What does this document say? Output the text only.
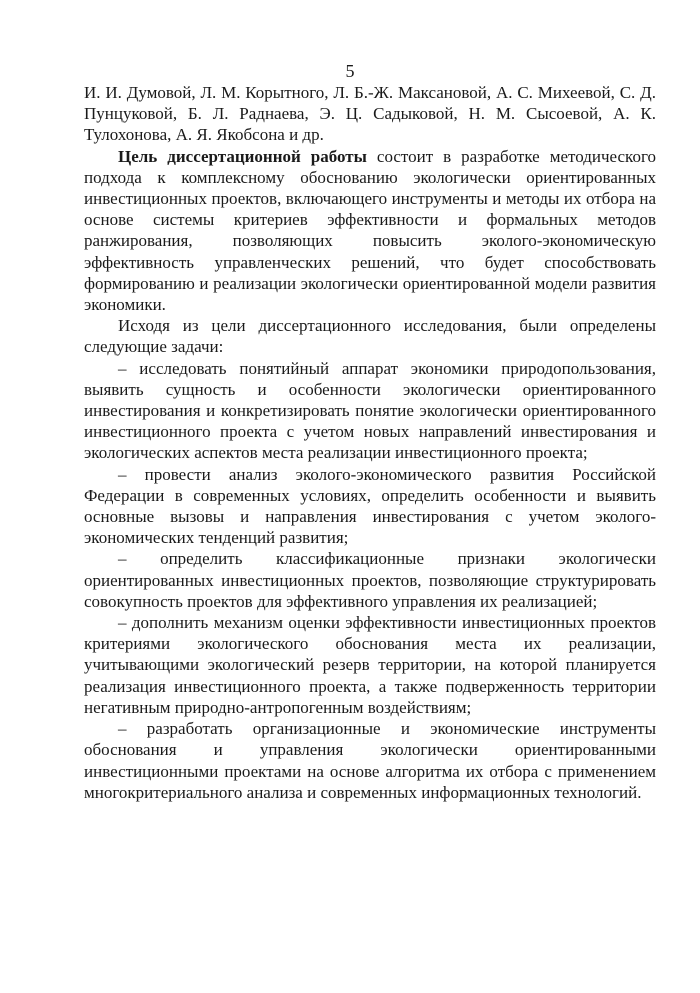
5

И. И. Думовой, Л. М. Корытного, Л. Б.-Ж. Максановой, А. С. Михеевой, С. Д. Пунцуковой, Б. Л. Раднаева, Э. Ц. Садыковой, Н. М. Сысоевой, А. К. Тулохонова, А. Я. Якобсона и др.

Цель диссертационной работы состоит в разработке методического подхода к комплексному обоснованию экологически ориентированных инвестиционных проектов, включающего инструменты и методы их отбора на основе системы критериев эффективности и формальных методов ранжирования, позволяющих повысить эколого-экономическую эффективность управленческих решений, что будет способствовать формированию и реализации экологически ориентированной модели развития экономики.

Исходя из цели диссертационного исследования, были определены следующие задачи:

– исследовать понятийный аппарат экономики природопользования, выявить сущность и особенности экологически ориентированного инвестирования и конкретизировать понятие экологически ориентированного инвестиционного проекта с учетом новых направлений инвестирования и экологических аспектов места реализации инвестиционного проекта;

– провести анализ эколого-экономического развития Российской Федерации в современных условиях, определить особенности и выявить основные вызовы и направления инвестирования с учетом эколого-экономических тенденций развития;

– определить классификационные признаки экологически ориентированных инвестиционных проектов, позволяющие структурировать совокупность проектов для эффективного управления их реализацией;

– дополнить механизм оценки эффективности инвестиционных проектов критериями экологического обоснования места их реализации, учитывающими экологический резерв территории, на которой планируется реализация инвестиционного проекта, а также подверженность территории негативным природно-антропогенным воздействиям;

– разработать организационные и экономические инструменты обоснования и управления экологически ориентированными инвестиционными проектами на основе алгоритма их отбора с применением многокритериального анализа и современных информационных технологий.
